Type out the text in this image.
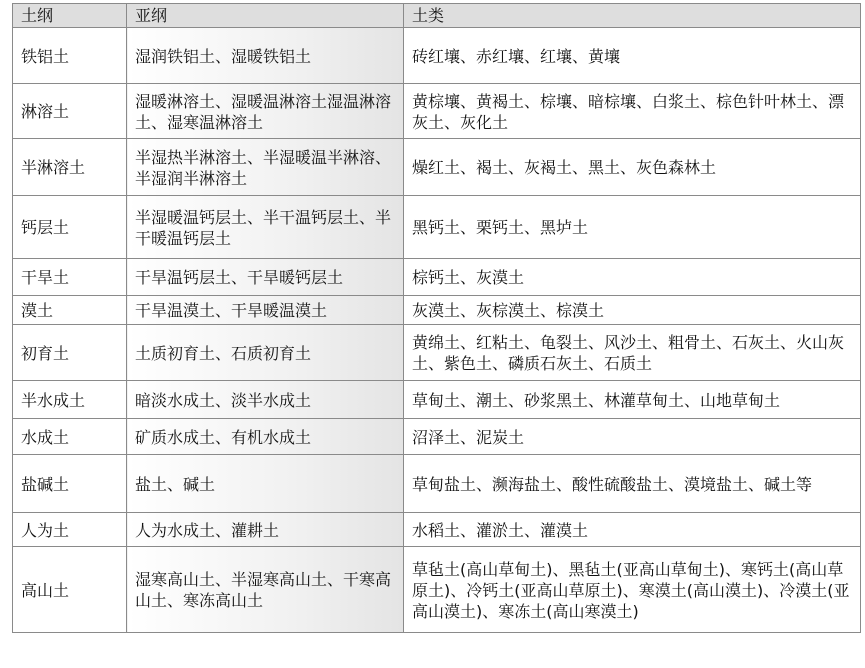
土纲	亚纲	土类
铁铝土	湿润铁铝土、湿暖铁铝土	砖红壤、赤红壤、红壤、黄壤
淋溶土	湿暖淋溶土、湿暖温淋溶土湿温淋溶土、湿寒温淋溶土	黄棕壤、黄褐土、棕壤、暗棕壤、白浆土、棕色针叶林土、漂灰土、灰化土
半淋溶土	半湿热半淋溶土、半湿暖温半淋溶、半湿润半淋溶土	燥红土、褐土、灰褐土、黑土、灰色森林土
钙层土	半湿暖温钙层土、半干温钙层土、半干暖温钙层土	黑钙土、栗钙土、黑垆土
干旱土	干旱温钙层土、干旱暖钙层土	棕钙土、灰漠土
漠土	干旱温漠土、干旱暖温漠土	灰漠土、灰棕漠土、棕漠土
初育土	土质初育土、石质初育土	黄绵土、红粘土、龟裂土、风沙土、粗骨土、石灰土、火山灰土、紫色土、磷质石灰土、石质土
半水成土	暗淡水成土、淡半水成土	草甸土、潮土、砂浆黑土、林灌草甸土、山地草甸土
水成土	矿质水成土、有机水成土	沼泽土、泥炭土
盐碱土	盐土、碱土	草甸盐土、濒海盐土、酸性硫酸盐土、漠境盐土、碱土等
人为土	人为水成土、灌耕土	水稻土、灌淤土、灌漠土
高山土	湿寒高山土、半湿寒高山土、干寒高山土、寒冻高山土	草毡土(高山草甸土)、黑毡土(亚高山草甸土)、寒钙土(高山草原土)、冷钙土(亚高山草原土)、寒漠土(高山漠土)、冷漠土(亚高山漠土)、寒冻土(高山寒漠土)
